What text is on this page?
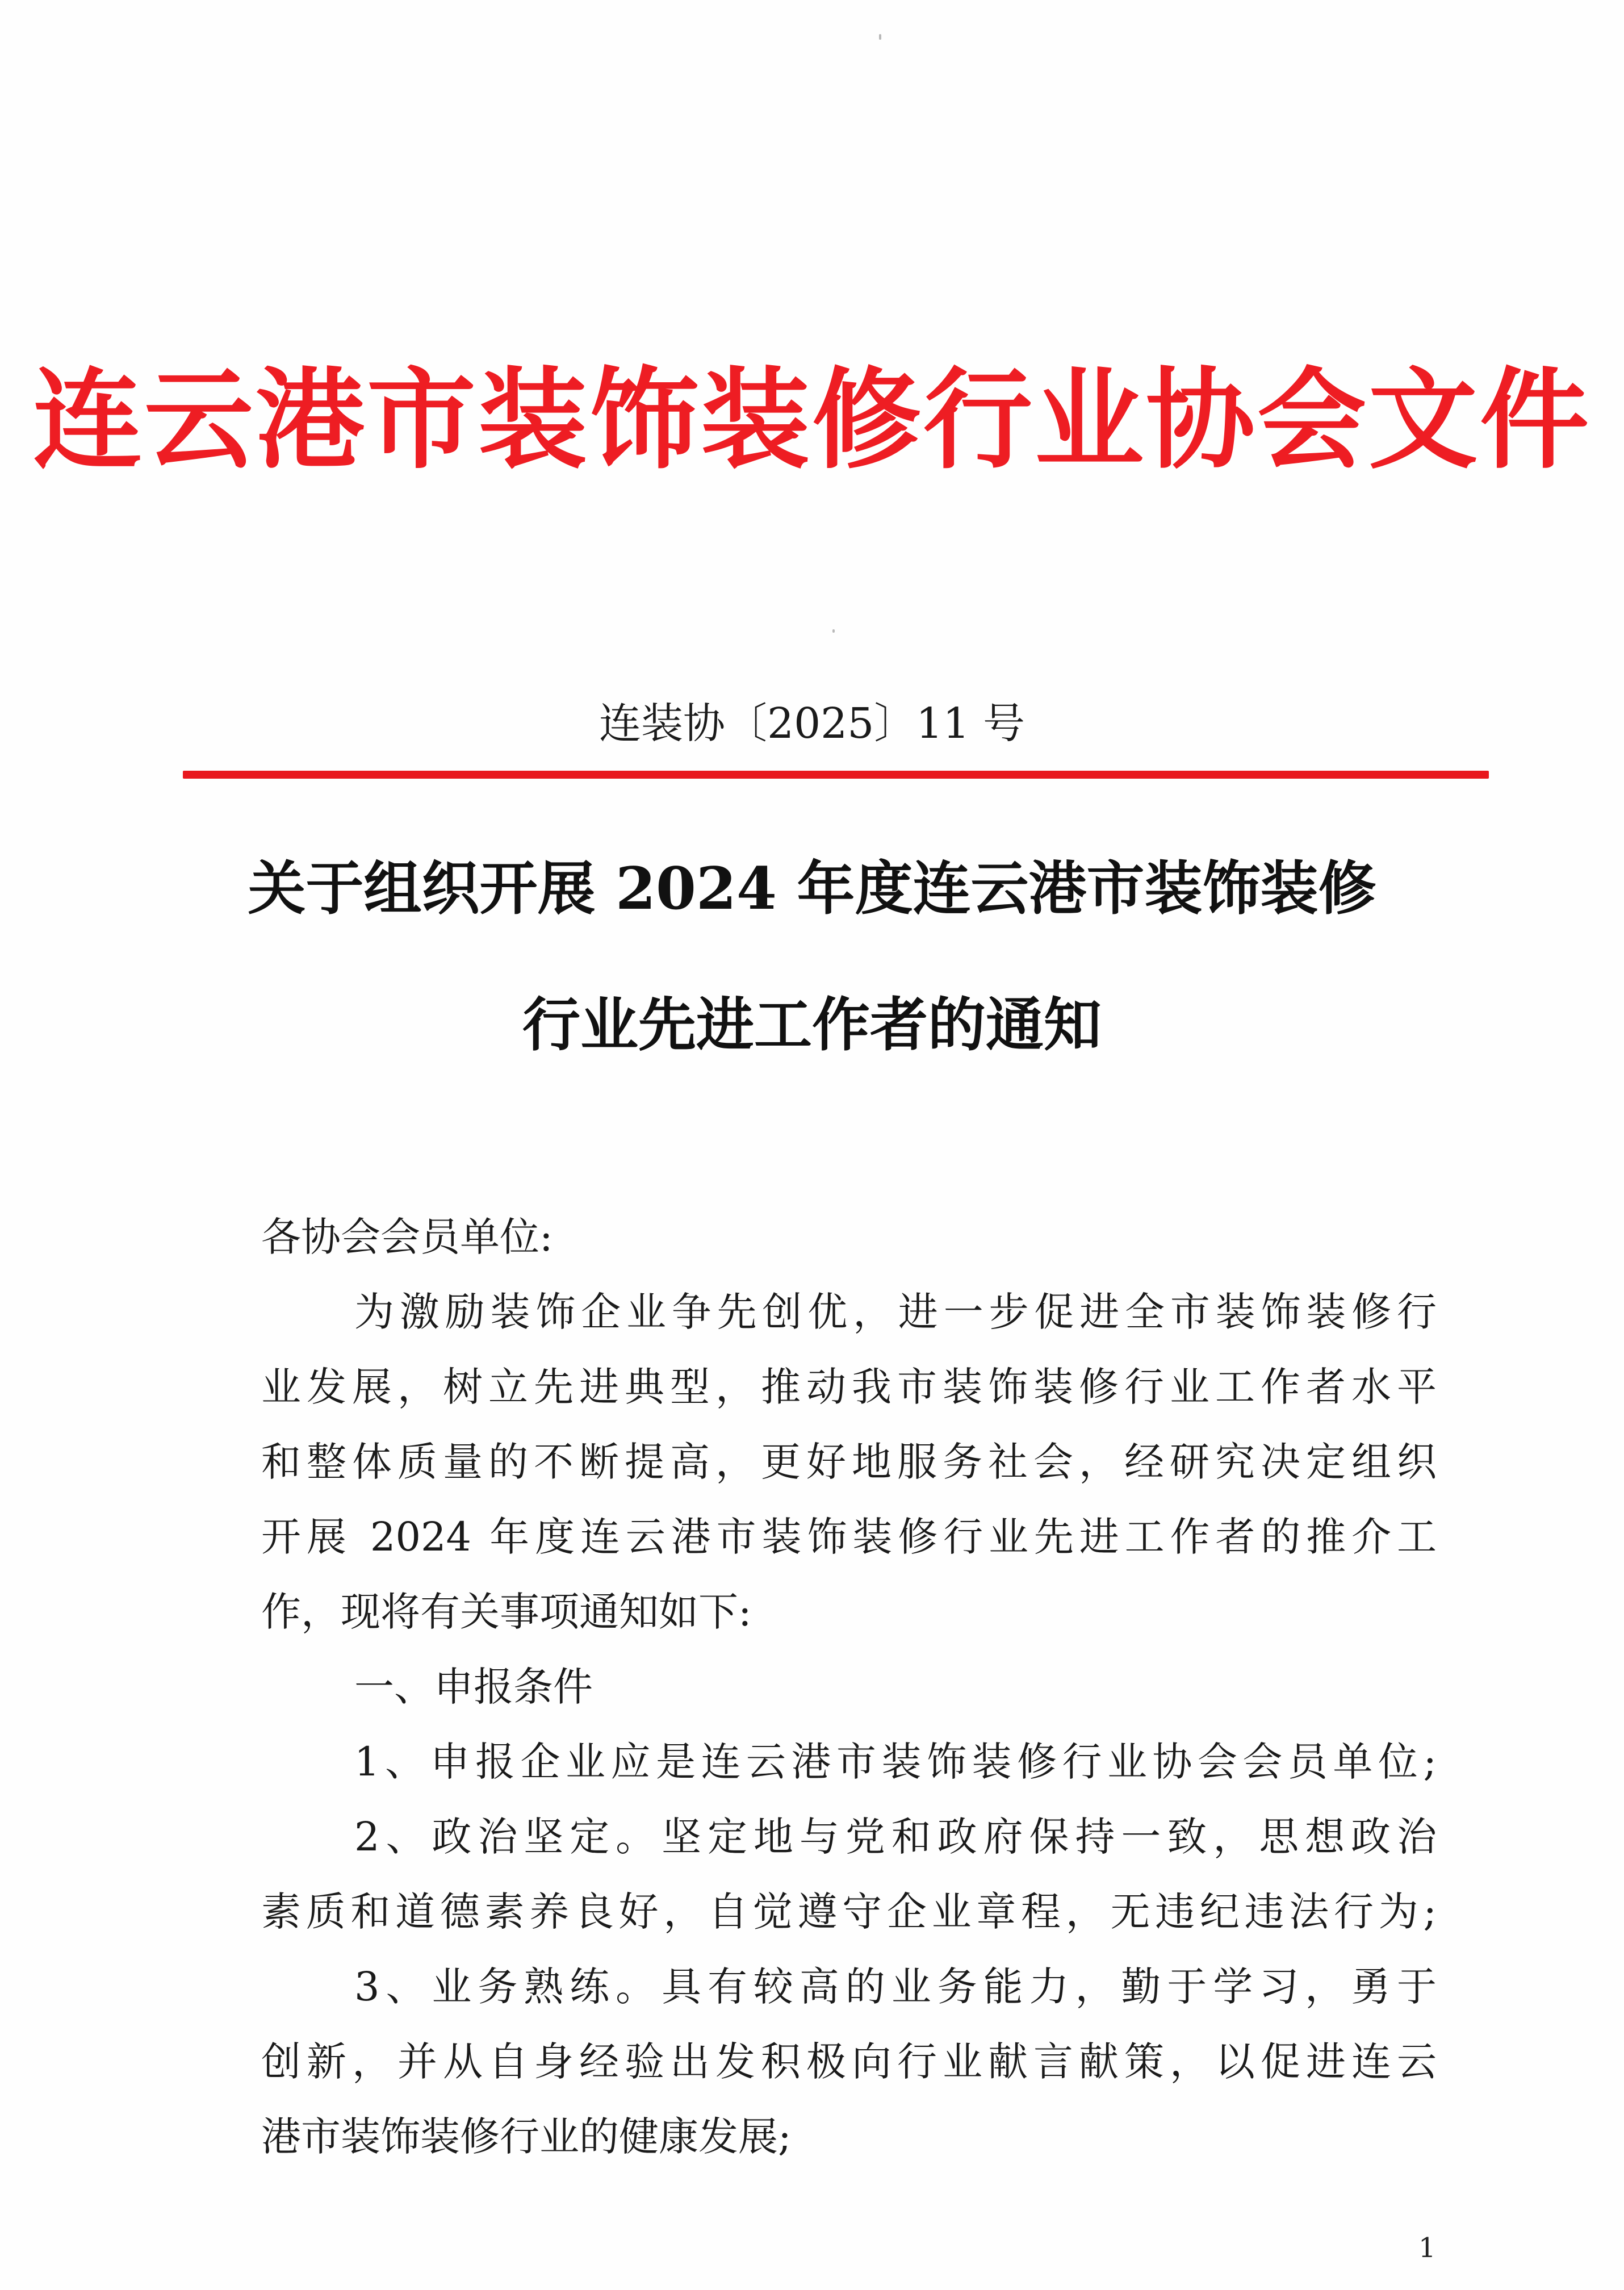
连云港市装饰装修行业协会文件
连装协〔2025〕11 号
关于组织开展 2024 年度连云港市装饰装修
行业先进工作者的通知
各协会会员单位:
为激励装饰企业争先创优，进一步促进全市装饰装修行
业发展，树立先进典型，推动我市装饰装修行业工作者水平
和整体质量的不断提高，更好地服务社会，经研究决定组织
开展 2024 年度连云港市装饰装修行业先进工作者的推介工
作，现将有关事项通知如下:
一、申报条件
1、申报企业应是连云港市装饰装修行业协会会员单位;
2、政治坚定。坚定地与党和政府保持一致，思想政治
素质和道德素养良好，自觉遵守企业章程，无违纪违法行为;
3、业务熟练。具有较高的业务能力，勤于学习，勇于
创新，并从自身经验出发积极向行业献言献策，以促进连云
港市装饰装修行业的健康发展;
1
